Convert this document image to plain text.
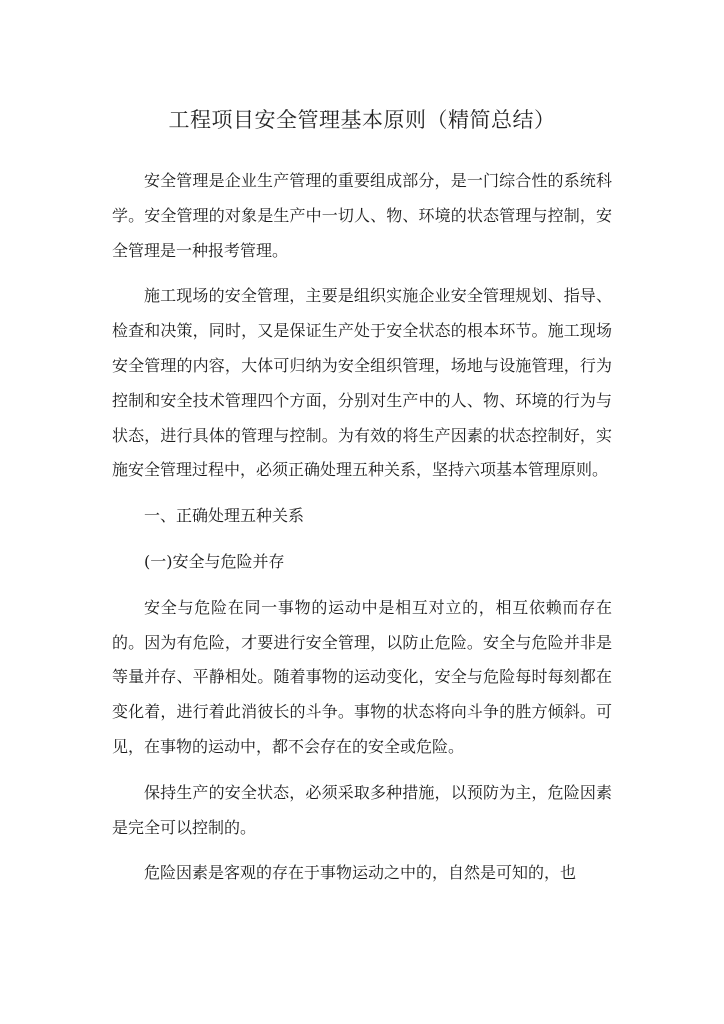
工程项目安全管理基本原则（精简总结）

安全管理是企业生产管理的重要组成部分，是一门综合性的系统科学。安全管理的对象是生产中一切人、物、环境的状态管理与控制，安全管理是一种报考管理。

施工现场的安全管理，主要是组织实施企业安全管理规划、指导、检查和决策，同时，又是保证生产处于安全状态的根本环节。施工现场安全管理的内容，大体可归纳为安全组织管理，场地与设施管理，行为控制和安全技术管理四个方面，分别对生产中的人、物、环境的行为与状态，进行具体的管理与控制。为有效的将生产因素的状态控制好，实施安全管理过程中，必须正确处理五种关系，坚持六项基本管理原则。

一、正确处理五种关系

(一)安全与危险并存

安全与危险在同一事物的运动中是相互对立的，相互依赖而存在的。因为有危险，才要进行安全管理，以防止危险。安全与危险并非是等量并存、平静相处。随着事物的运动变化，安全与危险每时每刻都在变化着，进行着此消彼长的斗争。事物的状态将向斗争的胜方倾斜。可见，在事物的运动中，都不会存在的安全或危险。

保持生产的安全状态，必须采取多种措施，以预防为主，危险因素是完全可以控制的。

危险因素是客观的存在于事物运动之中的，自然是可知的，也
